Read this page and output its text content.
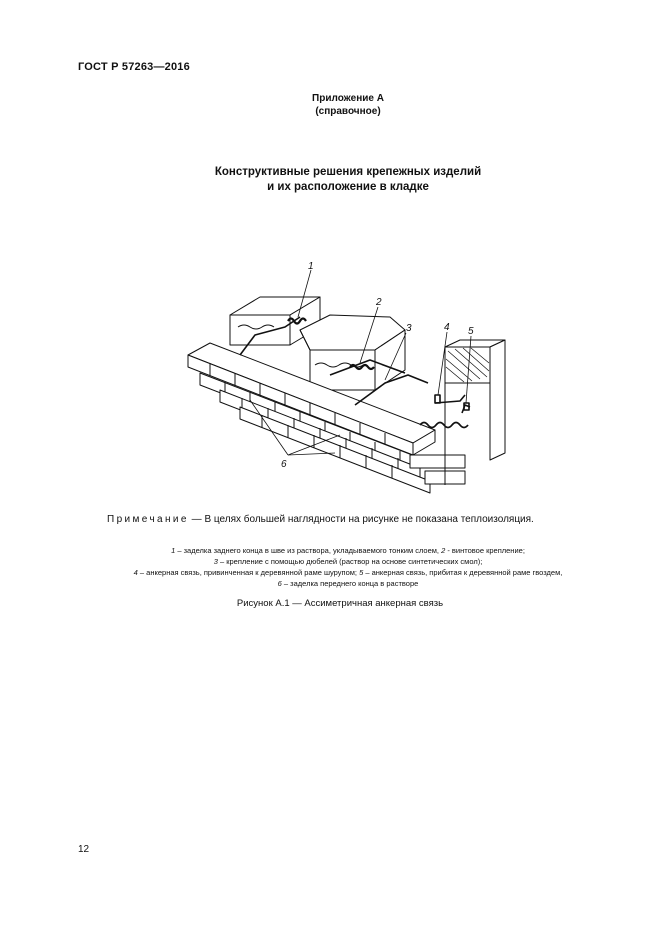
ГОСТ Р 57263—2016
Приложение А
(справочное)
Конструктивные решения крепежных изделий
и их расположение в кладке
1
2
3	4 5
6
Примечание — В целях большей наглядности на рисунке не показана теплоизоляция.
1 – заделка заднего конца в шве из раствора, укладываемого тонким слоем, 2 - винтовое крепление;
3 – крепление с помощью дюбелей (раствор на основе синтетических смол);
4 – анкерная связь, привинченная к деревянной раме шурупом; 5 – анкерная связь, прибитая к деревянной раме гвоздем,
6 – заделка переднего конца в растворе
Рисунок А.1 — Ассиметричная анкерная связь
12
